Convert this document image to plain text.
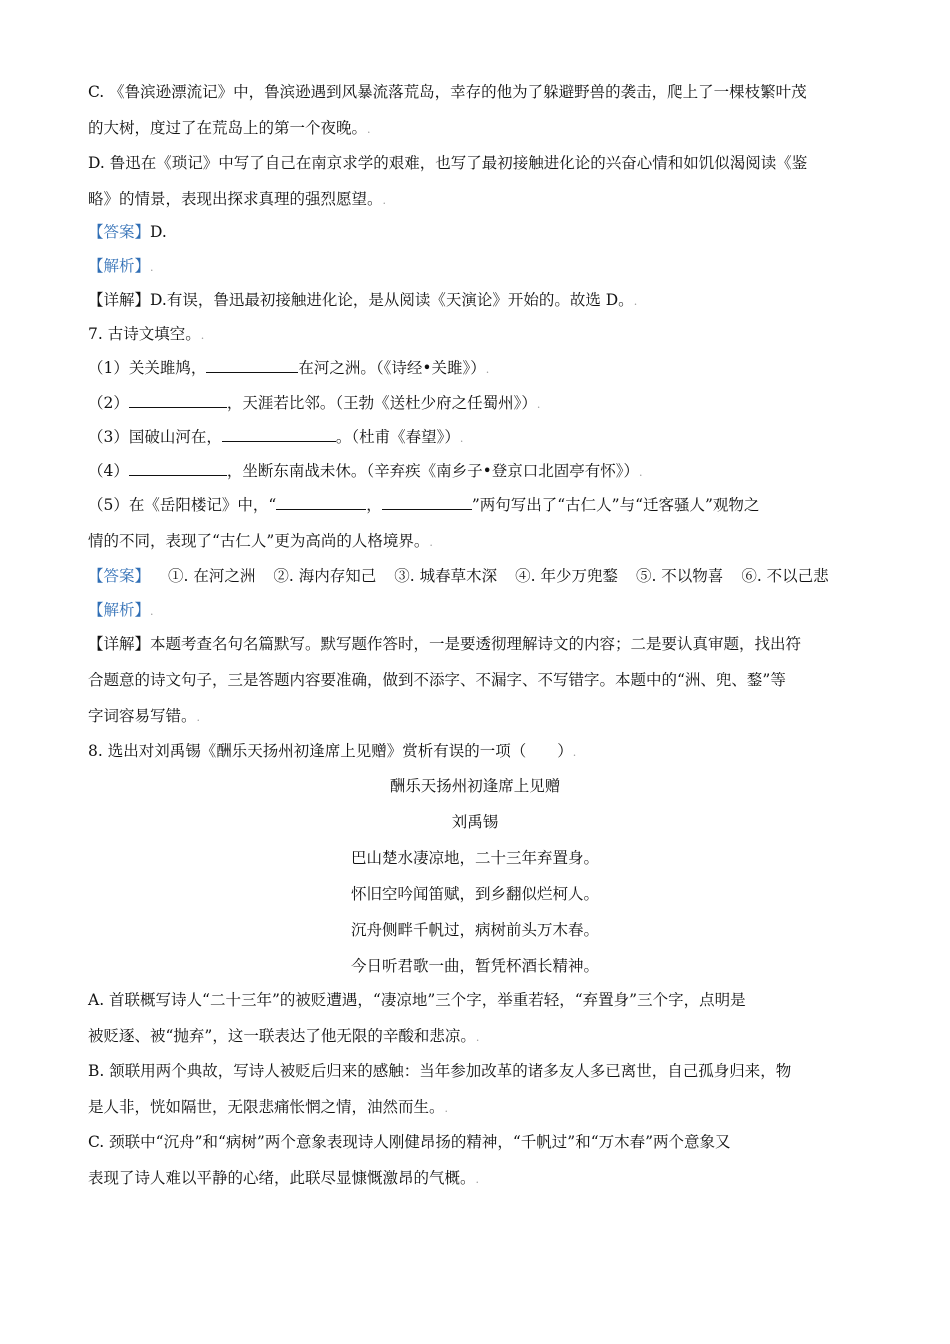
C. 《鲁滨逊漂流记》中，鲁滨逊遇到风暴流落荒岛，幸存的他为了躲避野兽的袭击，爬上了一棵枝繁叶茂
的大树，度过了在荒岛上的第一个夜晚。.
D. 鲁迅在《琐记》中写了自己在南京求学的艰难，也写了最初接触进化论的兴奋心情和如饥似渴阅读《鉴
略》的情景，表现出探求真理的强烈愿望。.
【答案】D.
【解析】.
【详解】D.有误，鲁迅最初接触进化论，是从阅读《天演论》开始的。故选 D。.
7. 古诗文填空。.
（1）关关雎鸠，	在河之洲。（《诗经•关雎》）.
（2）	，天涯若比邻。（王勃《送杜少府之任蜀州》）.
（3）国破山河在，	。（杜甫《春望》）.
（4）	，坐断东南战未休。（辛弃疾《南乡子•登京口北固亭有怀》）.
（5）在《岳阳楼记》中，“	，	”两句写出了“古仁人”与“迁客骚人”观物之
情的不同，表现了“古仁人”更为高尚的人格境界。.
【答案】 ①. 在河之洲 ②. 海内存知己 ③. 城春草木深 ④. 年少万兜鍪 ⑤. 不以物喜 ⑥. 不以己悲
【解析】.
【详解】本题考查名句名篇默写。默写题作答时，一是要透彻理解诗文的内容；二是要认真审题，找出符
合题意的诗文句子，三是答题内容要准确，做到不添字、不漏字、不写错字。本题中的“洲、兜、鍪”等
字词容易写错。.
8. 选出对刘禹锡《酬乐天扬州初逢席上见赠》赏析有误的一项（　　）.
酬乐天扬州初逢席上见赠
刘禹锡
巴山楚水凄凉地，二十三年弃置身。
怀旧空吟闻笛赋，到乡翻似烂柯人。
沉舟侧畔千帆过，病树前头万木春。
今日听君歌一曲，暂凭杯酒长精神。
A. 首联概写诗人“二十三年”的被贬遭遇，“凄凉地”三个字，举重若轻，“弃置身”三个字，点明是
被贬逐、被“抛弃”，这一联表达了他无限的辛酸和悲凉。.
B. 颔联用两个典故，写诗人被贬后归来的感触：当年参加改革的诸多友人多已离世，自己孤身归来，物
是人非，恍如隔世，无限悲痛怅惘之情，油然而生。.
C. 颈联中“沉舟”和“病树”两个意象表现诗人刚健昂扬的精神，“千帆过”和“万木春”两个意象又
表现了诗人难以平静的心绪，此联尽显慷慨激昂的气概。.
